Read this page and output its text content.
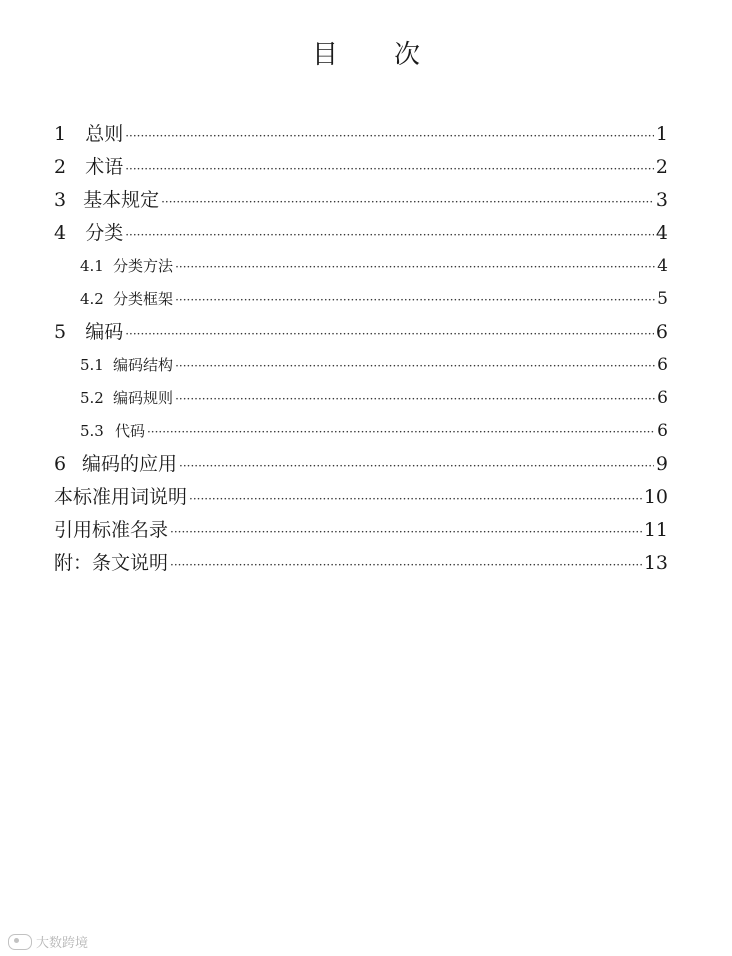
目 次
1	总则 ·····	1
2	术语 ·····	2
3 基本规定 ·····	3
4	分类 ·····	4
4.1 分类方法 ·····	4
4.2 分类框架 ·····	5
5	编码 ·····	6
5.1 编码结构 ·····	6
5.2 编码规则 ·····	6
5.3 代码 ·····	6
6 编码的应用 ·····	9
本标准用词说明 ·····	10
引用标准名录 ·····	11
附：条文说明 ·····	13
大数跨境
